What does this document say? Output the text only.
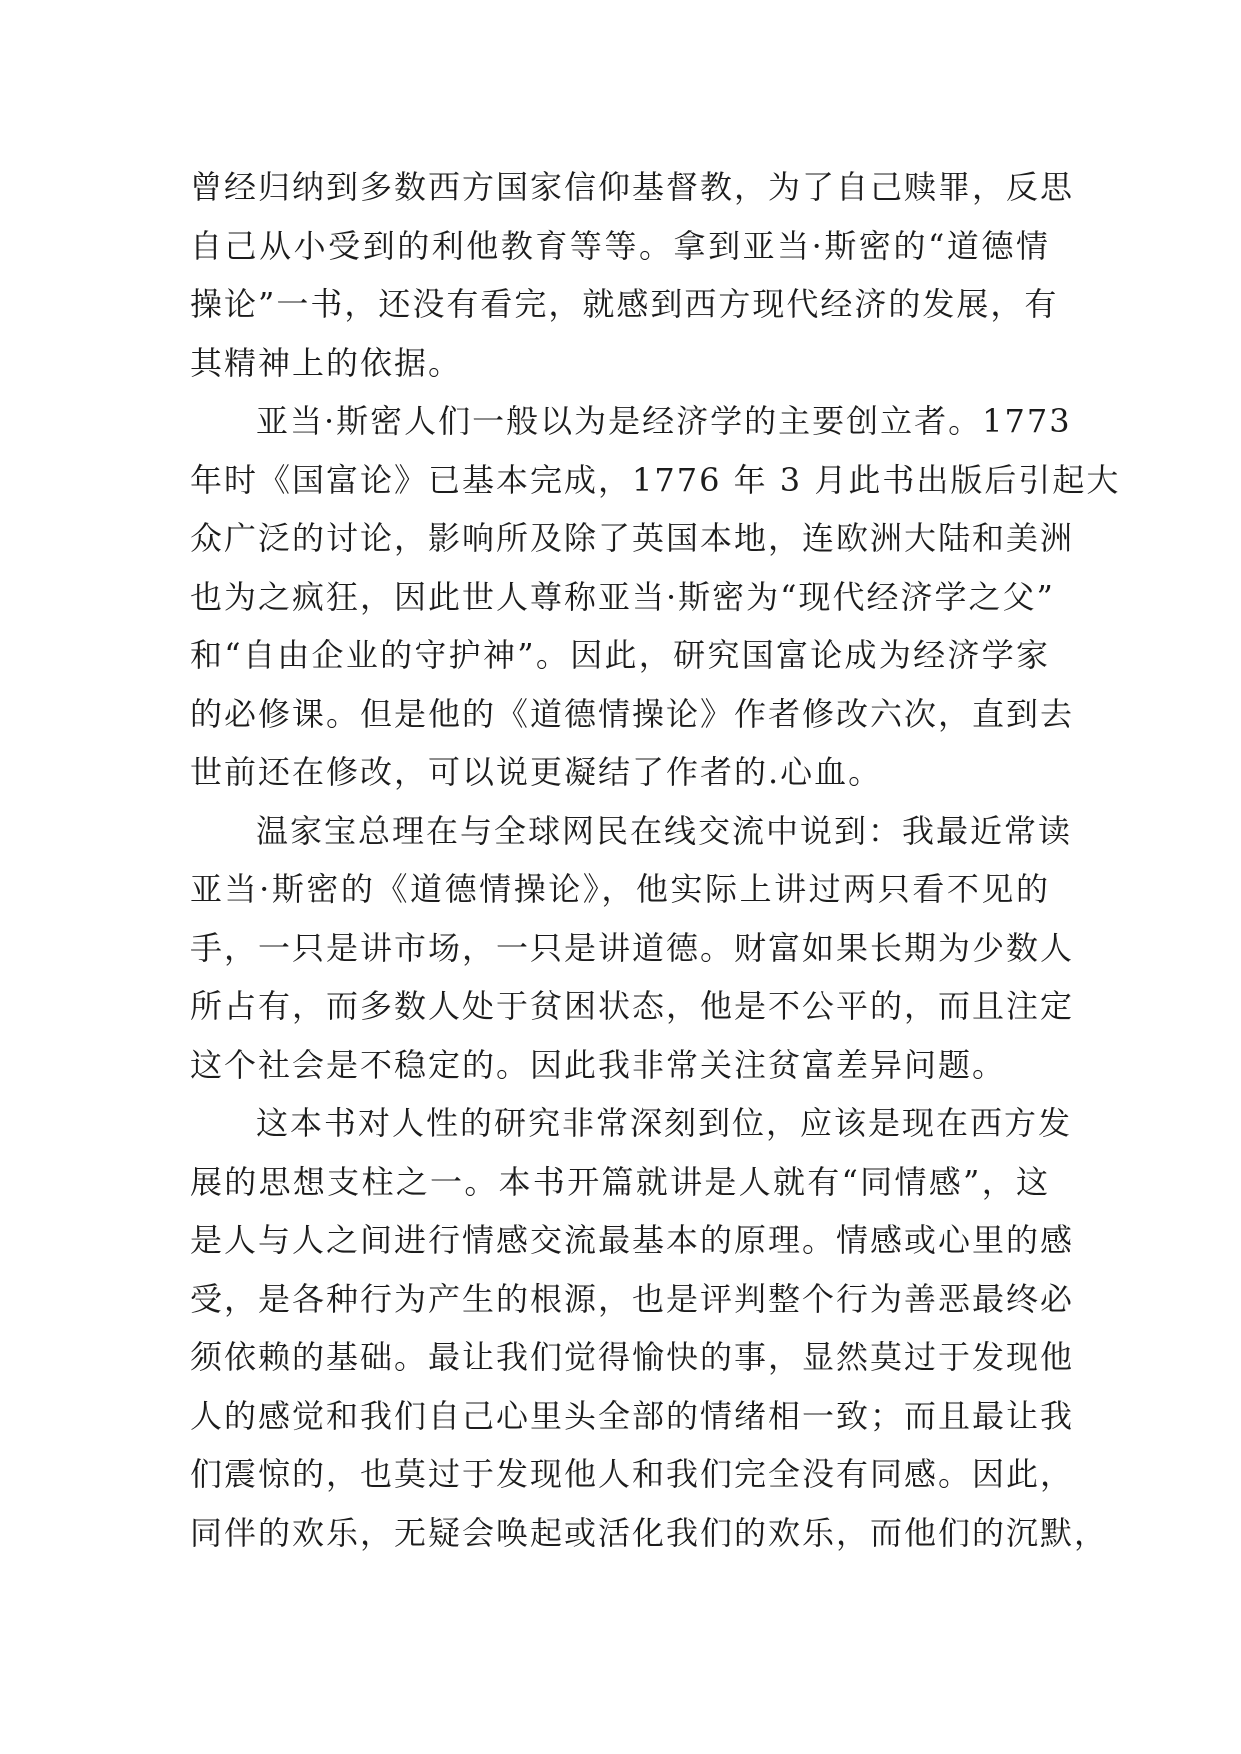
曾经归纳到多数西方国家信仰基督教，为了自己赎罪，反思
自己从小受到的利他教育等等。拿到亚当·斯密的“道德情
操论”一书，还没有看完，就感到西方现代经济的发展，有
其精神上的依据。
亚当·斯密人们一般以为是经济学的主要创立者。1773
年时《国富论》已基本完成，1776 年 3 月此书出版后引起大
众广泛的讨论，影响所及除了英国本地，连欧洲大陆和美洲
也为之疯狂，因此世人尊称亚当·斯密为“现代经济学之父”
和“自由企业的守护神”。因此，研究国富论成为经济学家
的必修课。但是他的《道德情操论》作者修改六次，直到去
世前还在修改，可以说更凝结了作者的.心血。
温家宝总理在与全球网民在线交流中说到：我最近常读
亚当·斯密的《道德情操论》，他实际上讲过两只看不见的
手，一只是讲市场，一只是讲道德。财富如果长期为少数人
所占有，而多数人处于贫困状态，他是不公平的，而且注定
这个社会是不稳定的。因此我非常关注贫富差异问题。
这本书对人性的研究非常深刻到位，应该是现在西方发
展的思想支柱之一。本书开篇就讲是人就有“同情感”，这
是人与人之间进行情感交流最基本的原理。情感或心里的感
受，是各种行为产生的根源，也是评判整个行为善恶最终必
须依赖的基础。最让我们觉得愉快的事，显然莫过于发现他
人的感觉和我们自己心里头全部的情绪相一致；而且最让我
们震惊的，也莫过于发现他人和我们完全没有同感。因此，
同伴的欢乐，无疑会唤起或活化我们的欢乐，而他们的沉默，
